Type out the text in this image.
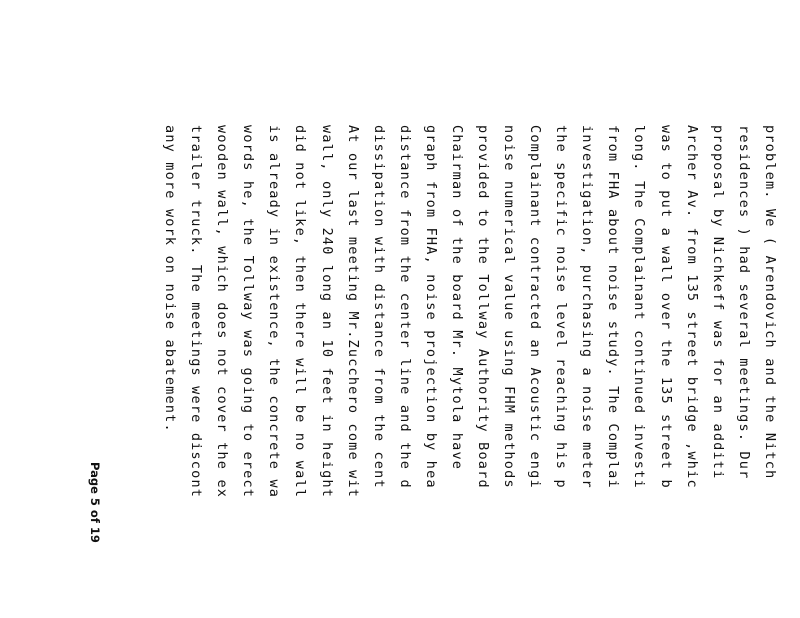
problem. We ( Arendovich and the Nitch
residences ) had several meetings. Dur
proposal by Nichkeff was for an additi
Archer Av. from 135 street bridge ,whic
was to put a wall over the 135 street b
long. The Complainant continued investi
from FHA about noise study. The Complai
investigation, purchasing a noise meter
the specific noise level reaching his p
Complainant contracted an Acoustic engi
noise numerical value using FHM methods
provided to the Tollway Authority Board
Chairman of the board Mr. Mytola have
graph from FHA, noise projection by hea
distance from the center line and the d
dissipation with distance from the cent
At our last meeting Mr.Zucchero come wit
wall, only 240 long an 10 feet in height
did not like, then there will be no wall
is already in existence, the concrete wa
words he, the Tollway was going to erect
wooden wall, which does not cover the ex
trailer truck. The meetings were discont
any more work on noise abatement.
Page 5 of 19
